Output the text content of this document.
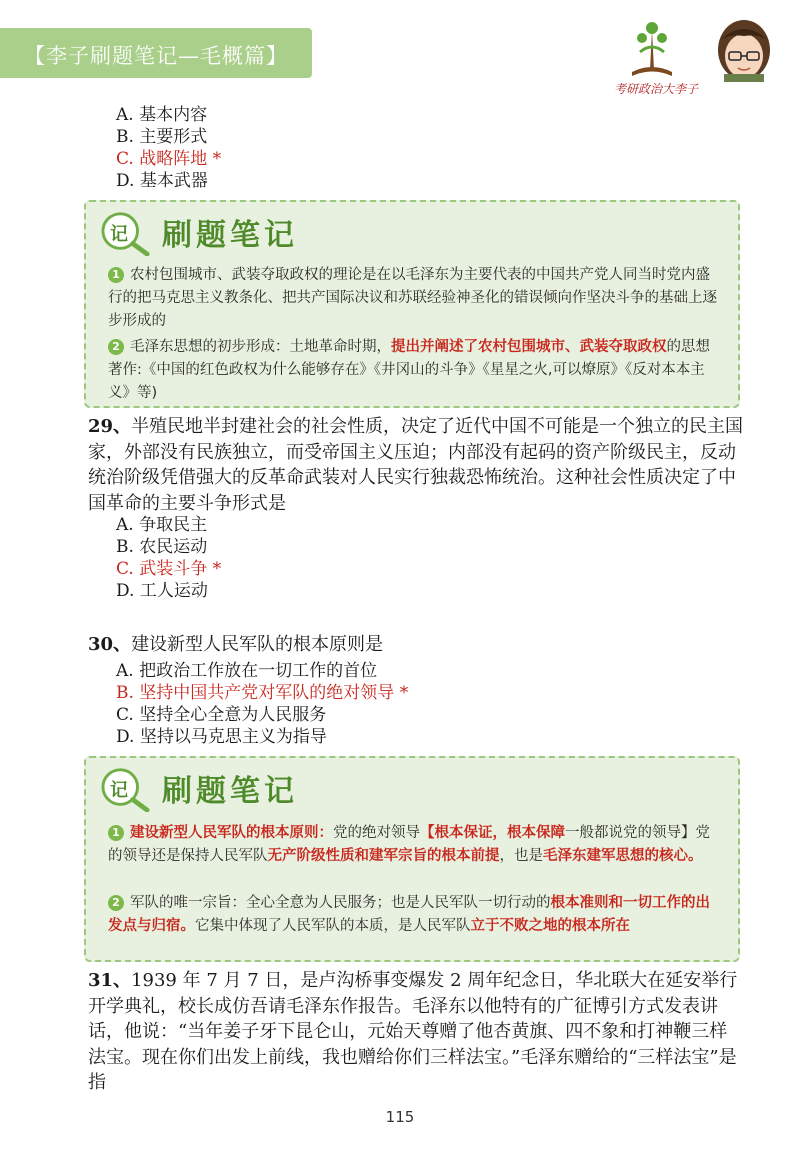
【李子刷题笔记—毛概篇】
考研政治大李子
A. 基本内容
B. 主要形式
C. 战略阵地 *
D. 基本武器
记 刷题笔记
1 农村包围城市、武装夺取政权的理论是在以毛泽东为主要代表的中国共产党人同当时党内盛行的把马克思主义教条化、把共产国际决议和苏联经验神圣化的错误倾向作坚决斗争的基础上逐步形成的
2 毛泽东思想的初步形成：土地革命时期，提出并阐述了农村包围城市、武装夺取政权的思想著作:《中国的红色政权为什么能够存在》《井冈山的斗争》《星星之火,可以燎原》《反对本本主义》等)
29、半殖民地半封建社会的社会性质，决定了近代中国不可能是一个独立的民主国家，外部没有民族独立，而受帝国主义压迫；内部没有起码的资产阶级民主，反动统治阶级凭借强大的反革命武装对人民实行独裁恐怖统治。这种社会性质决定了中国革命的主要斗争形式是
A. 争取民主
B. 农民运动
C. 武装斗争 *
D. 工人运动
30、建设新型人民军队的根本原则是
A. 把政治工作放在一切工作的首位
B. 坚持中国共产党对军队的绝对领导 *
C. 坚持全心全意为人民服务
D. 坚持以马克思主义为指导
记 刷题笔记
1 建设新型人民军队的根本原则：党的绝对领导【根本保证，根本保障一般都说党的领导】党的领导还是保持人民军队无产阶级性质和建军宗旨的根本前提，也是毛泽东建军思想的核心。
2 军队的唯一宗旨：全心全意为人民服务；也是人民军队一切行动的根本准则和一切工作的出发点与归宿。它集中体现了人民军队的本质，是人民军队立于不败之地的根本所在
31、1939 年 7 月 7 日，是卢沟桥事变爆发 2 周年纪念日，华北联大在延安举行开学典礼，校长成仿吾请毛泽东作报告。毛泽东以他特有的广征博引方式发表讲话，他说：“当年姜子牙下昆仑山，元始天尊赠了他杏黄旗、四不象和打神鞭三样法宝。现在你们出发上前线，我也赠给你们三样法宝。”毛泽东赠给的“三样法宝”是指
115
